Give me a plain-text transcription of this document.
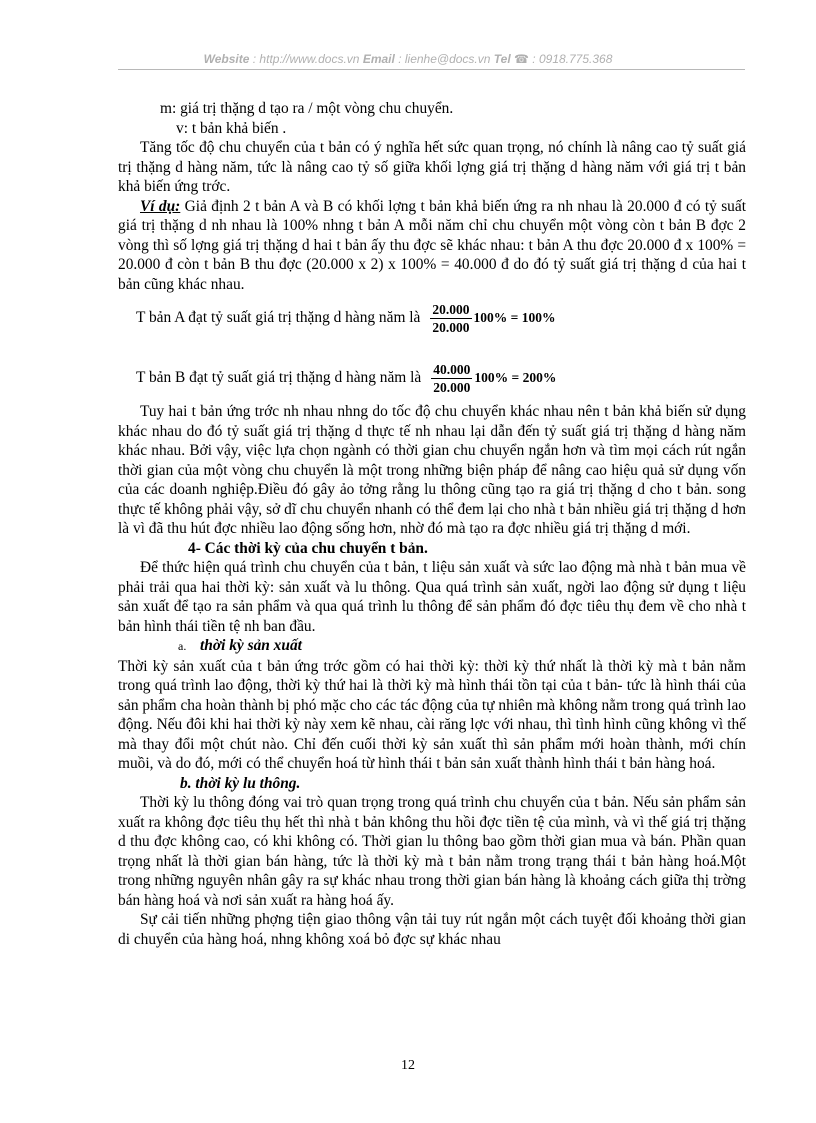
Website : http://www.docs.vn Email : lienhe@docs.vn Tel ☎ : 0918.775.368

m: giá trị thặng d tạo ra / một vòng chu chuyển.

v: t bản khả biến .

Tăng tốc độ chu chuyển của t bản có ý nghĩa hết sức quan trọng, nó chính là nâng cao tỷ suất giá trị thặng d hàng năm, tức là nâng cao tỷ số giữa khối lợng giá trị thặng d hàng năm với giá trị t bản khả biến ứng trớc.

Ví dụ: Giả định 2 t bản A và B có khối lợng t bản khả biến ứng ra nh nhau là 20.000 đ có tỷ suất giá trị thặng d nh nhau là 100% nhng t bản A mỗi năm chỉ chu chuyển một vòng còn t bản B đợc 2 vòng thì số lợng giá trị thặng d hai t bản ấy thu đợc sẽ khác nhau: t bản A thu đợc 20.000 đ x 100% = 20.000 đ còn t bản B thu đợc (20.000 x 2) x 100% = 40.000 đ do đó tỷ suất giá trị thặng d của hai t bản cũng khác nhau.

T bản A đạt tỷ suất giá trị thặng d hàng năm là $\frac{20.000}{20.000} 100\% = 100\%$
T bản B đạt tỷ suất giá trị thặng d hàng năm là $\frac{40.000}{20.000} 100\% = 200\%$

Tuy hai t bản ứng trớc nh nhau nhng do tốc độ chu chuyển khác nhau nên t bản khả biến sử dụng khác nhau do đó tỷ suất giá trị thặng d thực tế nh nhau lại dẫn đến tỷ suất giá trị thặng d hàng năm khác nhau. Bởi vậy, việc lựa chọn ngành có thời gian chu chuyển ngắn hơn và tìm mọi cách rút ngắn thời gian của một vòng chu chuyển là một trong những biện pháp để nâng cao hiệu quả sử dụng vốn của các doanh nghiệp.Điều đó gây ảo tởng rằng lu thông cũng tạo ra giá trị thặng d cho t bản. song thực tế không phải vậy, sở dĩ chu chuyển nhanh có thể đem lại cho nhà t bản nhiều giá trị thặng d hơn là vì đã thu hút đợc nhiều lao động sống hơn, nhờ đó mà tạo ra đợc nhiều giá trị thặng d mới.

4- Các thời kỳ của chu chuyển t bản.

Để thức hiện quá trình chu chuyển của t bản, t liệu sản xuất và sức lao động mà nhà t bản mua về phải trải qua hai thời kỳ: sản xuất và lu thông. Qua quá trình sản xuất, ngời lao động sử dụng t liệu sản xuất để tạo ra sản phẩm và qua quá trình lu thông để sản phẩm đó đợc tiêu thụ đem về cho nhà t bản hình thái tiền tệ nh ban đầu.

a. thời kỳ sản xuất

Thời kỳ sản xuất của t bản ứng trớc gồm có hai thời kỳ: thời kỳ thứ nhất là thời kỳ mà t bản nằm trong quá trình lao động, thời kỳ thứ hai là thời kỳ mà hình thái tồn tại của t bản- tức là hình thái của sản phẩm cha hoàn thành bị phó mặc cho các tác động của tự nhiên mà không nằm trong quá trình lao động. Nếu đôi khi hai thời kỳ này xem kẽ nhau, cài răng lợc với nhau, thì tình hình cũng không vì thế mà thay đổi một chút nào. Chỉ đến cuối thời kỳ sản xuất thì sản phẩm mới hoàn thành, mới chín muồi, và do đó, mới có thể chuyển hoá từ hình thái t bản sản xuất thành hình thái t bản hàng hoá.

b. thời kỳ lu thông.

Thời kỳ lu thông đóng vai trò quan trọng trong quá trình chu chuyển của t bản. Nếu sản phẩm sản xuất ra không đợc tiêu thụ hết thì nhà t bản không thu hồi đợc tiền tệ của mình, và vì thế giá trị thặng d thu đợc không cao, có khi không có. Thời gian lu thông bao gồm thời gian mua và bán. Phần quan trọng nhất là thời gian bán hàng, tức là thời kỳ mà t bản nằm trong trạng thái t bản hàng hoá.Một trong những nguyên nhân gây ra sự khác nhau trong thời gian bán hàng là khoảng cách giữa thị trờng bán hàng hoá và nơi sản xuất ra hàng hoá ấy.

Sự cải tiến những phợng tiện giao thông vận tải tuy rút ngắn một cách tuyệt đối khoảng thời gian di chuyển của hàng hoá, nhng không xoá bỏ đợc sự khác nhau

12
